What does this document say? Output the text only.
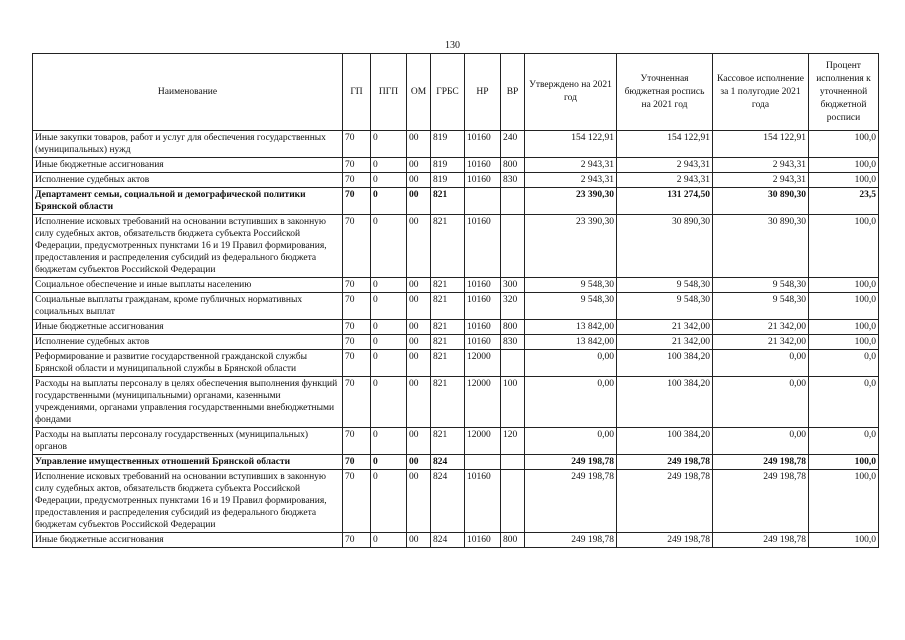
130
Наименование	ГП	ПГП	ОМ	ГРБС	НР	ВР	Утверждено на 2021 год	Уточненная бюджетная роспись на 2021 год	Кассовое исполнение за 1 полугодие 2021 года	Процент исполнения к уточненной бюджетной росписи
Иные закупки товаров, работ и услуг для обеспечения государственных (муниципальных) нужд	70	0	00	819	10160	240	154 122,91	154 122,91	154 122,91	100,0
Иные бюджетные ассигнования	70	0	00	819	10160	800	2 943,31	2 943,31	2 943,31	100,0
Исполнение судебных актов	70	0	00	819	10160	830	2 943,31	2 943,31	2 943,31	100,0
Департамент семьи, социальной и демографической политики Брянской области	70	0	00	821			23 390,30	131 274,50	30 890,30	23,5
Исполнение исковых требований на основании вступивших в законную силу судебных актов, обязательств бюджета субъекта Российской Федерации, предусмотренных пунктами 16 и 19 Правил формирования, предоставления и распределения субсидий из федерального бюджета бюджетам субъектов Российской Федерации	70	0	00	821	10160		23 390,30	30 890,30	30 890,30	100,0
Социальное обеспечение и иные выплаты населению	70	0	00	821	10160	300	9 548,30	9 548,30	9 548,30	100,0
Социальные выплаты гражданам, кроме публичных нормативных социальных выплат	70	0	00	821	10160	320	9 548,30	9 548,30	9 548,30	100,0
Иные бюджетные ассигнования	70	0	00	821	10160	800	13 842,00	21 342,00	21 342,00	100,0
Исполнение судебных актов	70	0	00	821	10160	830	13 842,00	21 342,00	21 342,00	100,0
Реформирование и развитие государственной гражданской службы Брянской области и муниципальной службы в Брянской области	70	0	00	821	12000		0,00	100 384,20	0,00	0,0
Расходы на выплаты персоналу в целях обеспечения выполнения функций государственными (муниципальными) органами, казенными учреждениями, органами управления государственными внебюджетными фондами	70	0	00	821	12000	100	0,00	100 384,20	0,00	0,0
Расходы на выплаты персоналу государственных (муниципальных) органов	70	0	00	821	12000	120	0,00	100 384,20	0,00	0,0
Управление имущественных отношений Брянской области	70	0	00	824			249 198,78	249 198,78	249 198,78	100,0
Исполнение исковых требований на основании вступивших в законную силу судебных актов, обязательств бюджета субъекта Российской Федерации, предусмотренных пунктами 16 и 19 Правил формирования, предоставления и распределения субсидий из федерального бюджета бюджетам субъектов Российской Федерации	70	0	00	824	10160		249 198,78	249 198,78	249 198,78	100,0
Иные бюджетные ассигнования	70	0	00	824	10160	800	249 198,78	249 198,78	249 198,78	100,0
